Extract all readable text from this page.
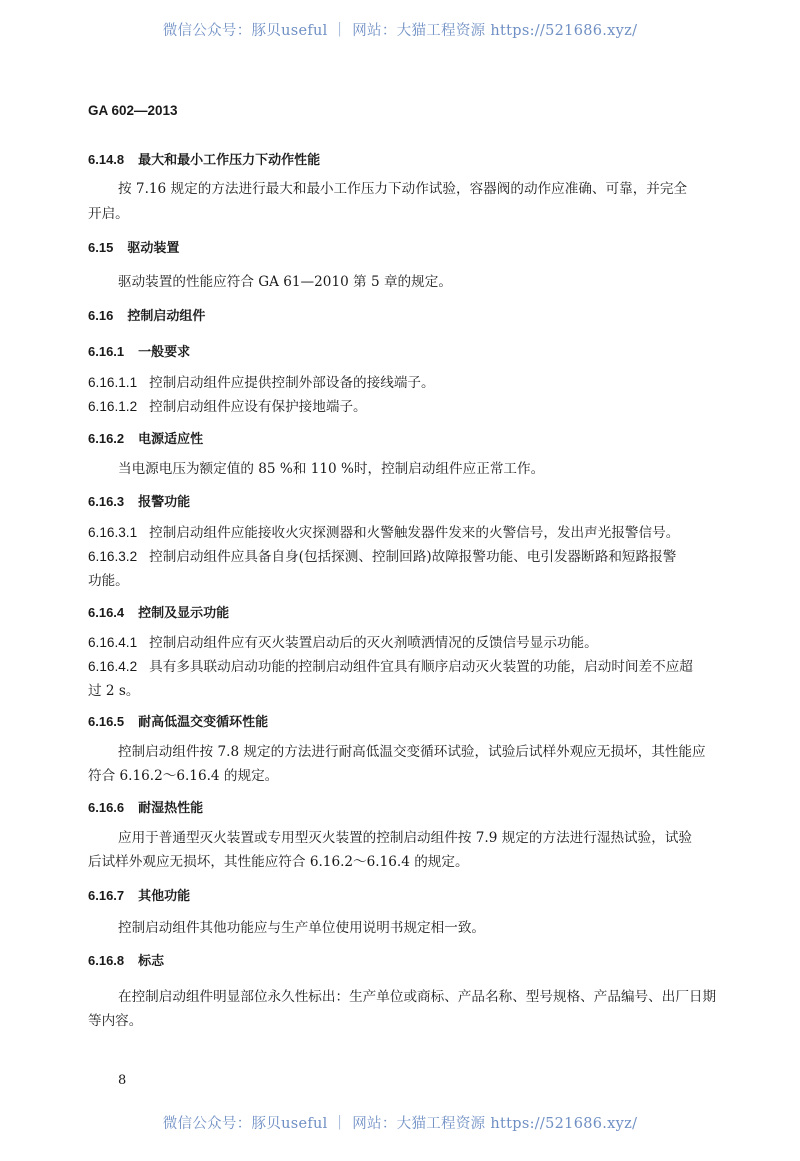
微信公众号：豚贝useful ｜ 网站：大猫工程资源 https://521686.xyz/
GA 602—2013
6.14.8 最大和最小工作压力下动作性能
按 7.16 规定的方法进行最大和最小工作压力下动作试验，容器阀的动作应准确、可靠，并完全
开启。
6.15 驱动装置
驱动装置的性能应符合 GA 61—2010 第 5 章的规定。
6.16 控制启动组件
6.16.1 一般要求
6.16.1.1 控制启动组件应提供控制外部设备的接线端子。
6.16.1.2 控制启动组件应设有保护接地端子。
6.16.2 电源适应性
当电源电压为额定值的 85 %和 110 %时，控制启动组件应正常工作。
6.16.3 报警功能
6.16.3.1 控制启动组件应能接收火灾探测器和火警触发器件发来的火警信号，发出声光报警信号。
6.16.3.2 控制启动组件应具备自身(包括探测、控制回路)故障报警功能、电引发器断路和短路报警
功能。
6.16.4 控制及显示功能
6.16.4.1 控制启动组件应有灭火装置启动后的灭火剂喷洒情况的反馈信号显示功能。
6.16.4.2 具有多具联动启动功能的控制启动组件宜具有顺序启动灭火装置的功能，启动时间差不应超
过 2 s。
6.16.5 耐高低温交变循环性能
控制启动组件按 7.8 规定的方法进行耐高低温交变循环试验，试验后试样外观应无损坏，其性能应
符合 6.16.2～6.16.4 的规定。
6.16.6 耐湿热性能
应用于普通型灭火装置或专用型灭火装置的控制启动组件按 7.9 规定的方法进行湿热试验，试验
后试样外观应无损坏，其性能应符合 6.16.2～6.16.4 的规定。
6.16.7 其他功能
控制启动组件其他功能应与生产单位使用说明书规定相一致。
6.16.8 标志
在控制启动组件明显部位永久性标出：生产单位或商标、产品名称、型号规格、产品编号、出厂日期
等内容。
8
微信公众号：豚贝useful ｜ 网站：大猫工程资源 https://521686.xyz/
